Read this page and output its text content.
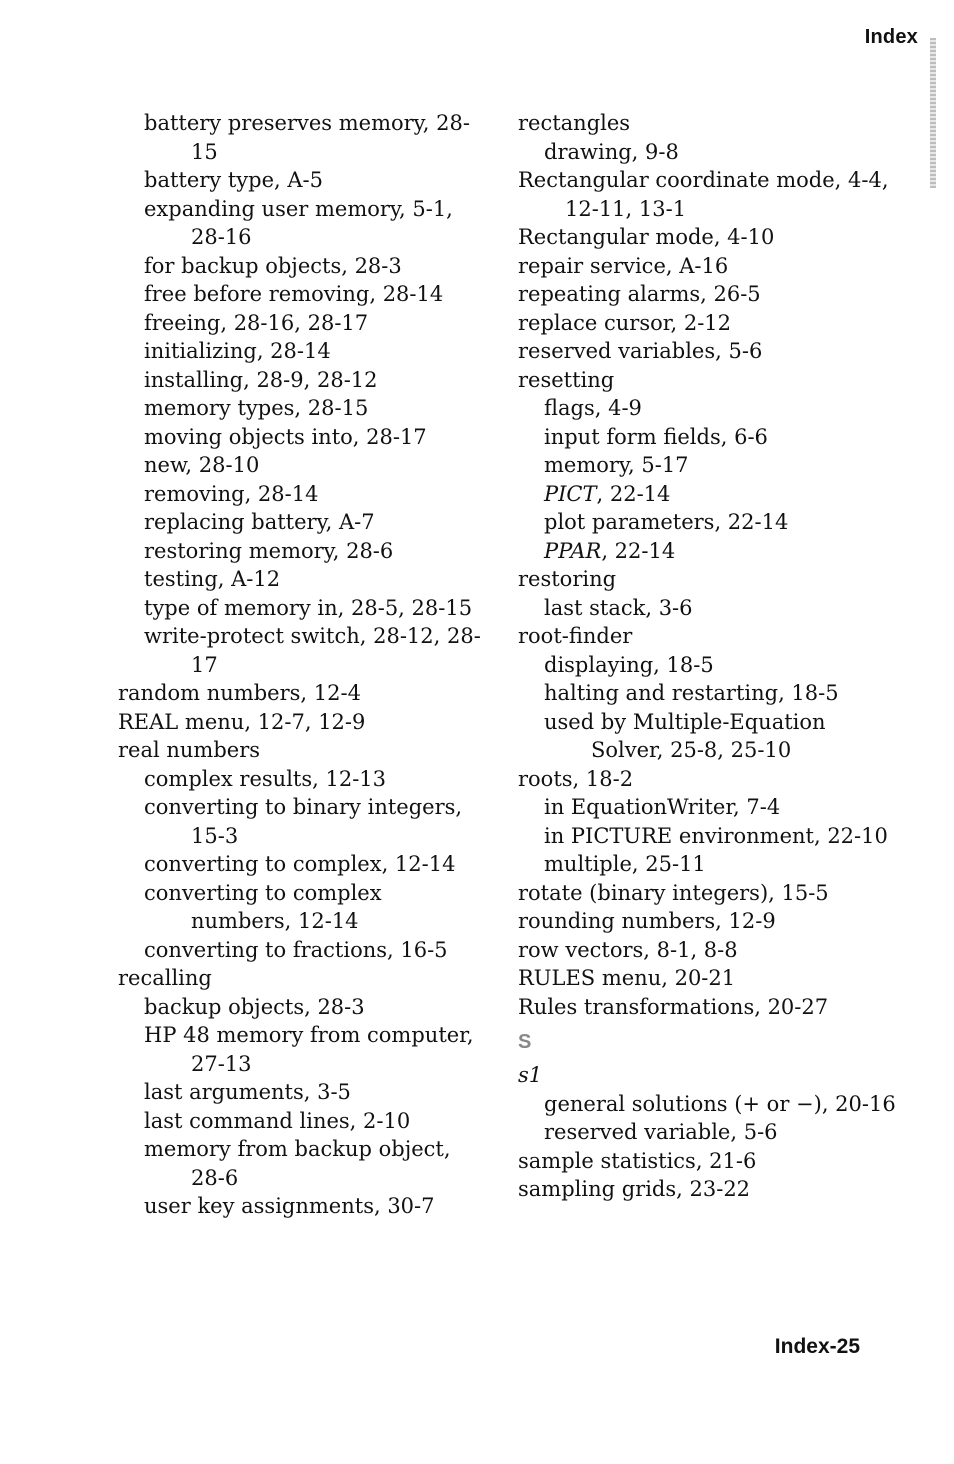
Index
battery preserves memory, 28-15
battery type, A-5
expanding user memory, 5-1, 28-16
for backup objects, 28-3
free before removing, 28-14
freeing, 28-16, 28-17
initializing, 28-14
installing, 28-9, 28-12
memory types, 28-15
moving objects into, 28-17
new, 28-10
removing, 28-14
replacing battery, A-7
restoring memory, 28-6
testing, A-12
type of memory in, 28-5, 28-15
write-protect switch, 28-12, 28-17
random numbers, 12-4
REAL menu, 12-7, 12-9
real numbers
complex results, 12-13
converting to binary integers, 15-3
converting to complex, 12-14
converting to complex numbers, 12-14
converting to fractions, 16-5
recalling
backup objects, 28-3
HP 48 memory from computer, 27-13
last arguments, 3-5
last command lines, 2-10
memory from backup object, 28-6
user key assignments, 30-7
rectangles
drawing, 9-8
Rectangular coordinate mode, 4-4, 12-11, 13-1
Rectangular mode, 4-10
repair service, A-16
repeating alarms, 26-5
replace cursor, 2-12
reserved variables, 5-6
resetting
flags, 4-9
input form fields, 6-6
memory, 5-17
PICT, 22-14
plot parameters, 22-14
PPAR, 22-14
restoring
last stack, 3-6
root-finder
displaying, 18-5
halting and restarting, 18-5
used by Multiple-Equation Solver, 25-8, 25-10
roots, 18-2
in EquationWriter, 7-4
in PICTURE environment, 22-10
multiple, 25-11
rotate (binary integers), 15-5
rounding numbers, 12-9
row vectors, 8-1, 8-8
RULES menu, 20-21
Rules transformations, 20-27
S
s1
general solutions (+ or −), 20-16
reserved variable, 5-6
sample statistics, 21-6
sampling grids, 23-22
Index-25
